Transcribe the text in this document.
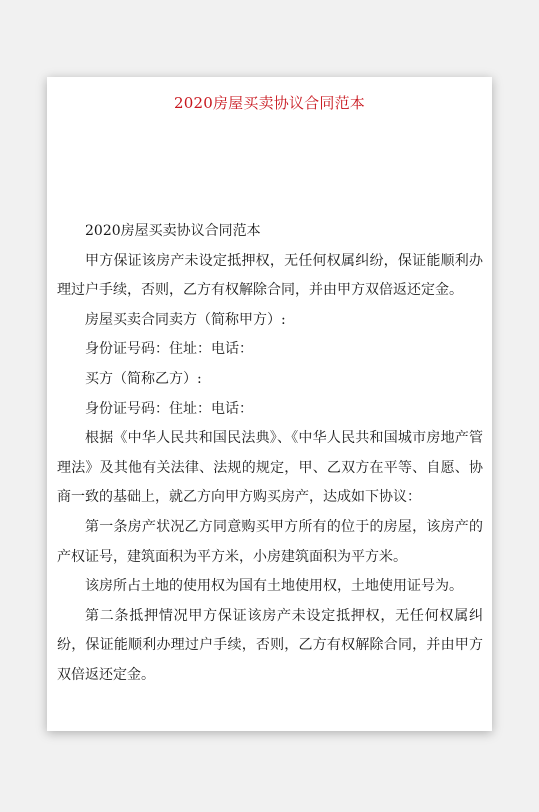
2020房屋买卖协议合同范本

2020房屋买卖协议合同范本

甲方保证该房产未设定抵押权，无任何权属纠纷，保证能顺利办理过户手续，否则，乙方有权解除合同，并由甲方双倍返还定金。

房屋买卖合同卖方（简称甲方）:

身份证号码：住址：电话：

买方（简称乙方）:

身份证号码：住址：电话：

根据《中华人民共和国民法典》、《中华人民共和国城市房地产管理法》及其他有关法律、法规的规定，甲、乙双方在平等、自愿、协商一致的基础上，就乙方向甲方购买房产，达成如下协议：

第一条房产状况乙方同意购买甲方所有的位于的房屋，该房产的产权证号，建筑面积为平方米，小房建筑面积为平方米。

该房所占土地的使用权为国有土地使用权，土地使用证号为。

第二条抵押情况甲方保证该房产未设定抵押权，无任何权属纠纷，保证能顺利办理过户手续，否则，乙方有权解除合同，并由甲方双倍返还定金。
